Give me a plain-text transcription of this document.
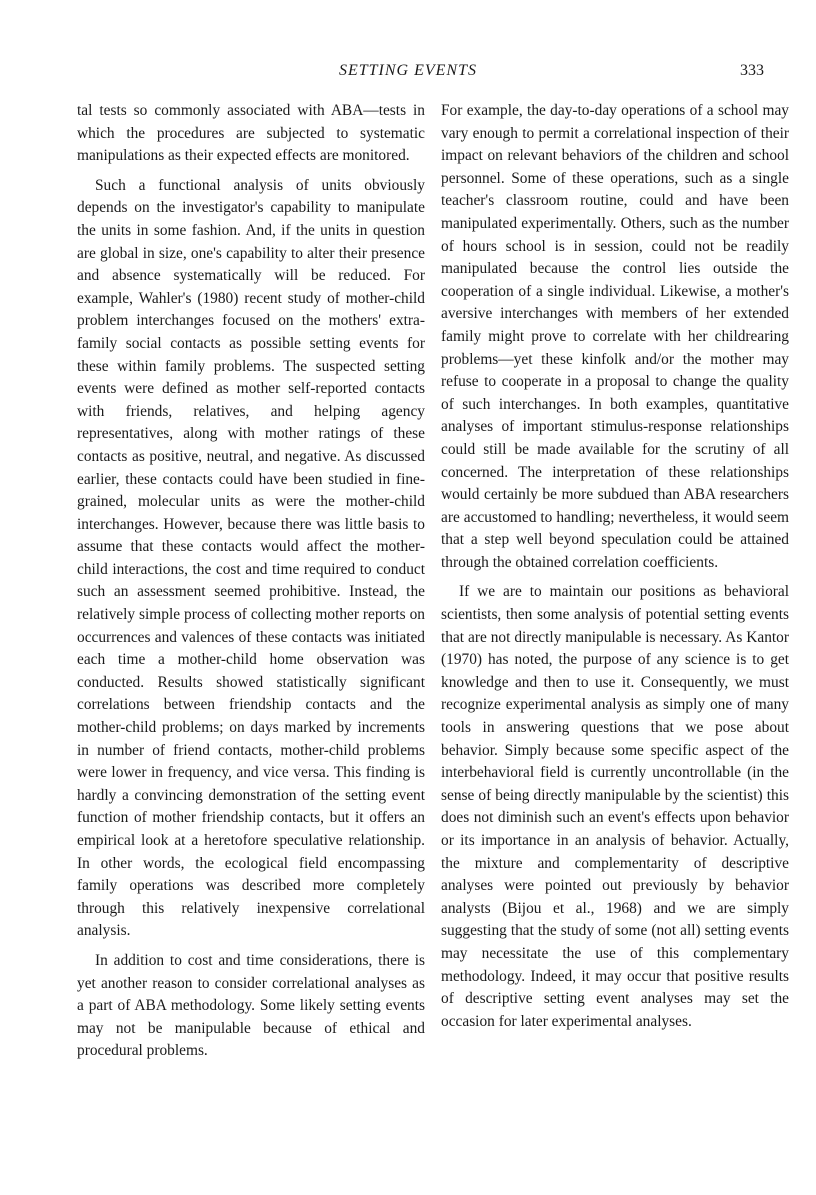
SETTING EVENTS	333

tal tests so commonly associated with ABA—tests in which the procedures are subjected to systematic manipulations as their expected effects are monitored.

Such a functional analysis of units obviously depends on the investigator's capability to manipulate the units in some fashion. And, if the units in question are global in size, one's capability to alter their presence and absence systematically will be reduced. For example, Wahler's (1980) recent study of mother-child problem interchanges focused on the mothers' extra-family social contacts as possible setting events for these within family problems. The suspected setting events were defined as mother self-reported contacts with friends, relatives, and helping agency representatives, along with mother ratings of these contacts as positive, neutral, and negative. As discussed earlier, these contacts could have been studied in fine-grained, molecular units as were the mother-child interchanges. However, because there was little basis to assume that these contacts would affect the mother-child interactions, the cost and time required to conduct such an assessment seemed prohibitive. Instead, the relatively simple process of collecting mother reports on occurrences and valences of these contacts was initiated each time a mother-child home observation was conducted. Results showed statistically significant correlations between friendship contacts and the mother-child problems; on days marked by increments in number of friend contacts, mother-child problems were lower in frequency, and vice versa. This finding is hardly a convincing demonstration of the setting event function of mother friendship contacts, but it offers an empirical look at a heretofore speculative relationship. In other words, the ecological field encompassing family operations was described more completely through this relatively inexpensive correlational analysis.

In addition to cost and time considerations, there is yet another reason to consider correlational analyses as a part of ABA methodology. Some likely setting events may not be manipulable because of ethical and procedural problems.

For example, the day-to-day operations of a school may vary enough to permit a correlational inspection of their impact on relevant behaviors of the children and school personnel. Some of these operations, such as a single teacher's classroom routine, could and have been manipulated experimentally. Others, such as the number of hours school is in session, could not be readily manipulated because the control lies outside the cooperation of a single individual. Likewise, a mother's aversive interchanges with members of her extended family might prove to correlate with her childrearing problems—yet these kinfolk and/or the mother may refuse to cooperate in a proposal to change the quality of such interchanges. In both examples, quantitative analyses of important stimulus-response relationships could still be made available for the scrutiny of all concerned. The interpretation of these relationships would certainly be more subdued than ABA researchers are accustomed to handling; nevertheless, it would seem that a step well beyond speculation could be attained through the obtained correlation coefficients.

If we are to maintain our positions as behavioral scientists, then some analysis of potential setting events that are not directly manipulable is necessary. As Kantor (1970) has noted, the purpose of any science is to get knowledge and then to use it. Consequently, we must recognize experimental analysis as simply one of many tools in answering questions that we pose about behavior. Simply because some specific aspect of the interbehavioral field is currently uncontrollable (in the sense of being directly manipulable by the scientist) this does not diminish such an event's effects upon behavior or its importance in an analysis of behavior. Actually, the mixture and complementarity of descriptive analyses were pointed out previously by behavior analysts (Bijou et al., 1968) and we are simply suggesting that the study of some (not all) setting events may necessitate the use of this complementary methodology. Indeed, it may occur that positive results of descriptive setting event analyses may set the occasion for later experimental analyses.
